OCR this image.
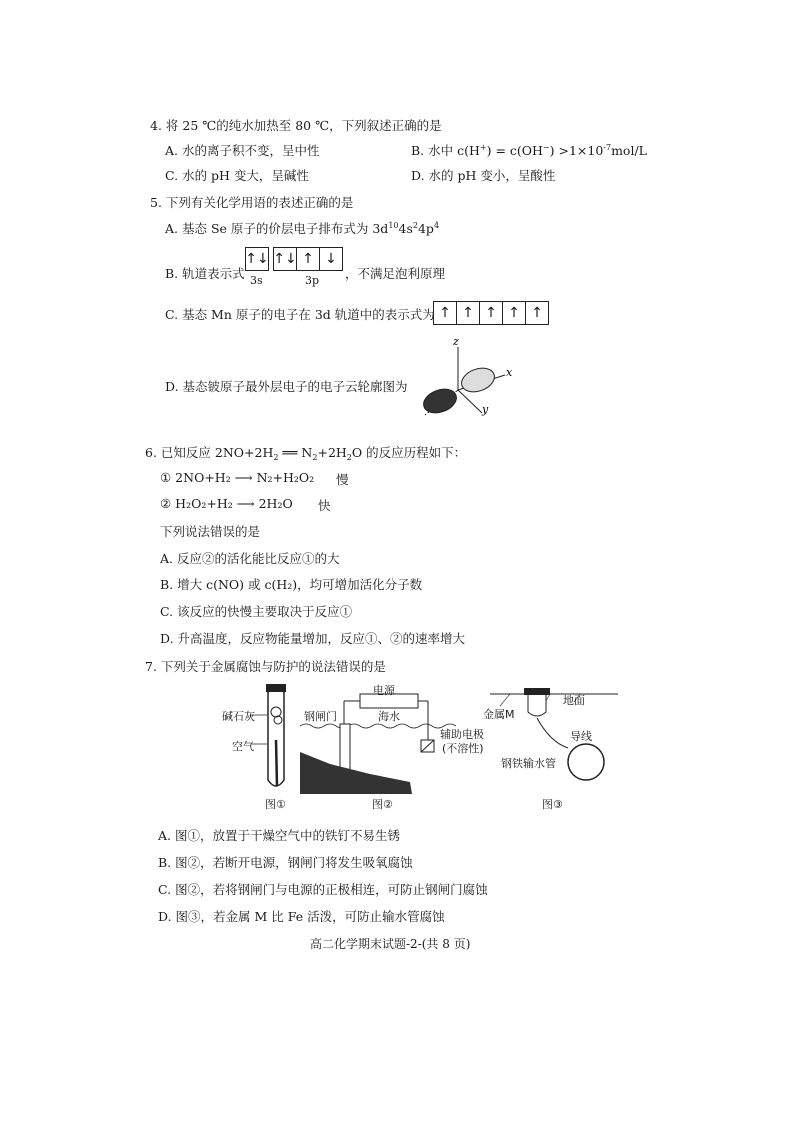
4. 将 25 ℃的纯水加热至 80 ℃，下列叙述正确的是
A. 水的离子积不变，呈中性	B. 水中 $c(H^+) = c(OH^-) >1\times 10^{-7}mol/L$
C. 水的 pH 变大，呈碱性	D. 水的 pH 变小，呈酸性
5. 下列有关化学用语的表述正确的是
A. 基态 Se 原子的价层电子排布式为 $3d^{10}4s^24p^4$
B. 轨道表示式
↑↓ ↑↓ ↑ ↓
3s	3p ，不满足泡利原理
C. 基态 Mn 原子的电子在 3d 轨道中的表示式为 ↑ ↑ ↑ ↑ ↑
D. 基态铍原子最外层电子的电子云轮廓图为
z
x
y
6. 已知反应 $2NO+2H_2$ ══ $N_2+2H_2O$ 的反应历程如下：
① 2NO+H₂ ⟶ N₂+H₂O₂ 慢
② H₂O₂+H₂ ⟶ 2H₂O 快
下列说法错误的是
A. 反应②的活化能比反应①的大
B. 增大 c(NO) 或 c(H₂)，均可增加活化分子数
C. 该反应的快慢主要取决于反应①
D. 升高温度，反应物能量增加，反应①、②的速率增大
7. 下列关于金属腐蚀与防护的说法错误的是
碱石灰
空气
图①
电源
钢闸门	海水
辅助电极
(不溶性)
图②
地面
金属M
导线
钢铁输水管
图③
A. 图①，放置于干燥空气中的铁钉不易生锈
B. 图②，若断开电源，钢闸门将发生吸氧腐蚀
C. 图②，若将钢闸门与电源的正极相连，可防止钢闸门腐蚀
D. 图③，若金属 M 比 Fe 活泼，可防止输水管腐蚀
高二化学期末试题-2-(共 8 页)
